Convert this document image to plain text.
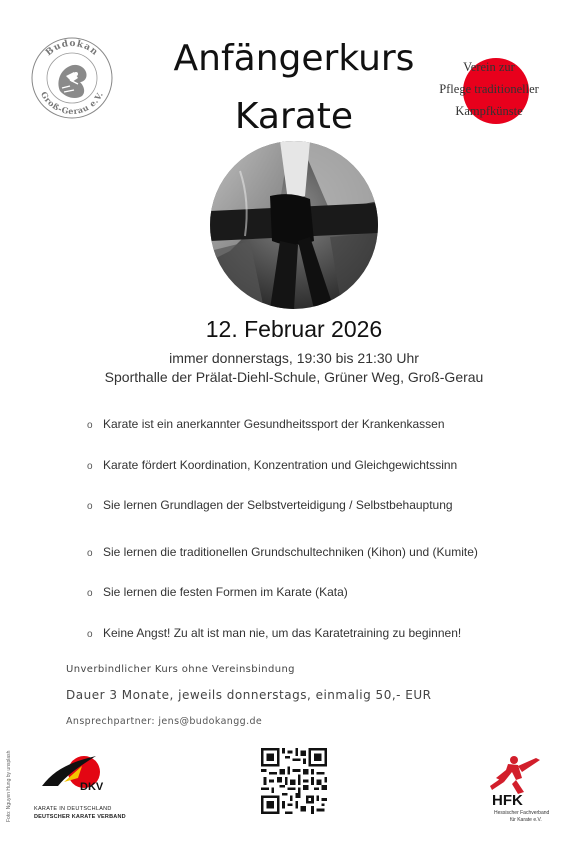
Budokan
Groß-Gerau e.V.
Anfängerkurs
Karate
Verein zur
Pflege traditioneller
Kampfkünste
12. Februar 2026
immer donnerstags, 19:30 bis 21:30 Uhr
Sporthalle der Prälat-Diehl-Schule, Grüner Weg, Groß-Gerau
o Karate ist ein anerkannter Gesundheitssport der Krankenkassen
o Karate fördert Koordination, Konzentration und Gleichgewichtssinn
o Sie lernen Grundlagen der Selbstverteidigung / Selbstbehauptung
o Sie lernen die traditionellen Grundschultechniken (Kihon) und (Kumite)
o Sie lernen die festen Formen im Karate (Kata)
o Keine Angst! Zu alt ist man nie, um das Karatetraining zu beginnen!
Unverbindlicher Kurs ohne Vereinsbindung
Dauer 3 Monate, jeweils donnerstags, einmalig 50,- EUR
Ansprechpartner: jens@budokangg.de
Foto: Nguyen Hung by unsplash	DKV
KARATE IN DEUTSCHLAND
DEUTSCHER KARATE VERBAND
HFK
Hessischer Fachverband
für Karate e.V.
